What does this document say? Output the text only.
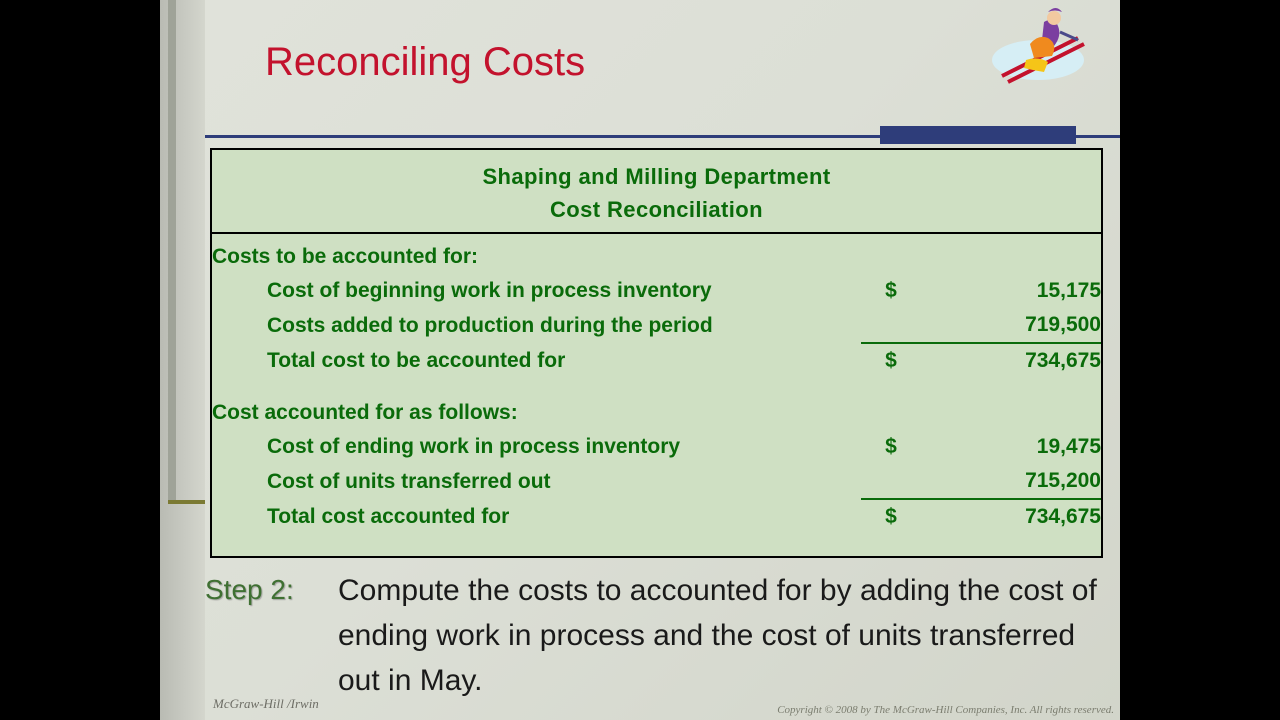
Reconciling Costs
Shaping and Milling Department
Cost Reconciliation
Costs to be accounted for:		
Cost of beginning work in process inventory	$	15,175
Costs added to production during the period		719,500
Total cost to be accounted for	$	734,675

Cost accounted for as follows:		
Cost of ending work in process inventory	$	19,475
Cost of units transferred out		715,200
Total cost accounted for	$	734,675
Step 2: Compute the costs to accounted for by adding the cost of ending work in process and the cost of units transferred out in May.
McGraw-Hill /Irwin	Copyright © 2008 by The McGraw-Hill Companies, Inc. All rights reserved.
